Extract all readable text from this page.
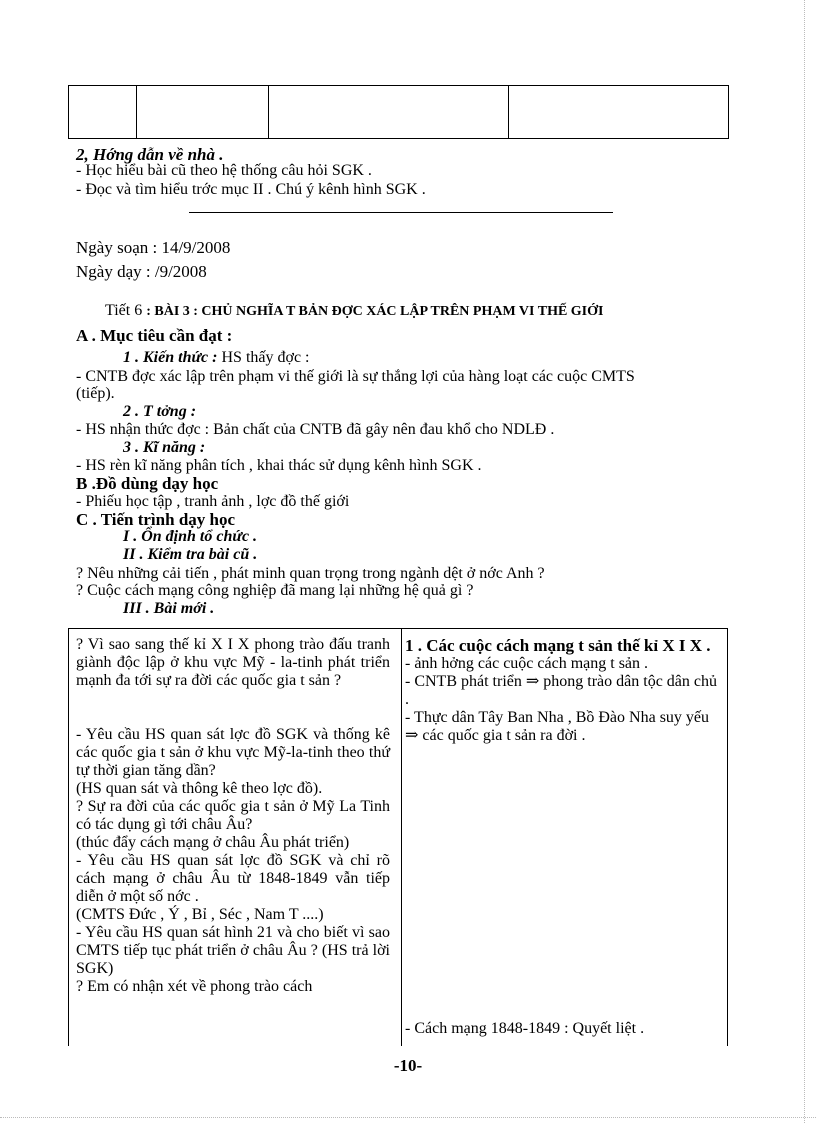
2, Hớng dẫn về nhà .
- Học hiểu bài cũ theo hệ thống câu hỏi SGK .
- Đọc và tìm hiểu trớc mục II . Chú ý kênh hình SGK .
Ngày soạn : 14/9/2008
Ngày dạy : /9/2008
Tiết 6 : BÀI 3 : CHỦ NGHĨA T BẢN ĐỢC XÁC LẬP TRÊN PHẠM VI THẾ GIỚI
A . Mục tiêu cần đạt :
1 . Kiến thức : HS thấy đợc :
- CNTB đợc xác lập trên phạm vi thế giới là sự thắng lợi của hàng loạt các cuộc CMTS
(tiếp).
2 . T tởng :
- HS nhận thức đợc : Bản chất của CNTB đã gây nên đau khổ cho NDLĐ .
3 . Kĩ năng :
- HS rèn kĩ năng phân tích , khai thác sử dụng kênh hình SGK .
B .Đồ dùng dạy học
- Phiếu học tập , tranh ảnh , lợc đồ thế giới
C . Tiến trình dạy học
I . Ổn định tổ chức .
II . Kiểm tra bài cũ .
? Nêu những cải tiến , phát minh quan trọng trong ngành dệt ở nớc Anh ?
? Cuộc cách mạng công nghiệp đã mang lại những hệ quả gì ?
III . Bài mới .

? Vì sao sang thế kỉ X I X phong trào đấu tranh giành độc lập ở khu vực Mỹ - la-tinh phát triển mạnh đa tới sự ra đời các quốc gia t sản ?

- Yêu cầu HS quan sát lợc đồ SGK và thống kê các quốc gia t sản ở khu vực Mỹ-la-tinh theo thứ tự thời gian tăng dần?

(HS quan sát và thông kê theo lợc đồ).

? Sự ra đời của các quốc gia t sản ở Mỹ La Tinh có tác dụng gì tới châu Âu?

(thúc đẩy cách mạng ở châu Âu phát triển)

- Yêu cầu HS quan sát lợc đồ SGK và chỉ rõ cách mạng ở châu Âu từ 1848-1849 vẫn tiếp diễn ở một số nớc .

(CMTS Đức , Ý , Bỉ , Séc , Nam T ....)

- Yêu cầu HS quan sát hình 21 và cho biết vì sao CMTS tiếp tục phát triển ở châu Âu ? (HS trả lời SGK)

? Em có nhận xét về phong trào cách

1 . Các cuộc cách mạng t sản thế kỉ X I X .

- ảnh hởng các cuộc cách mạng t sản .

- CNTB phát triển ⇒ phong trào dân tộc dân chủ .

- Thực dân Tây Ban Nha , Bồ Đào Nha suy yếu ⇒ các quốc gia t sản ra đời .

- Cách mạng 1848-1849 : Quyết liệt .
-10-
